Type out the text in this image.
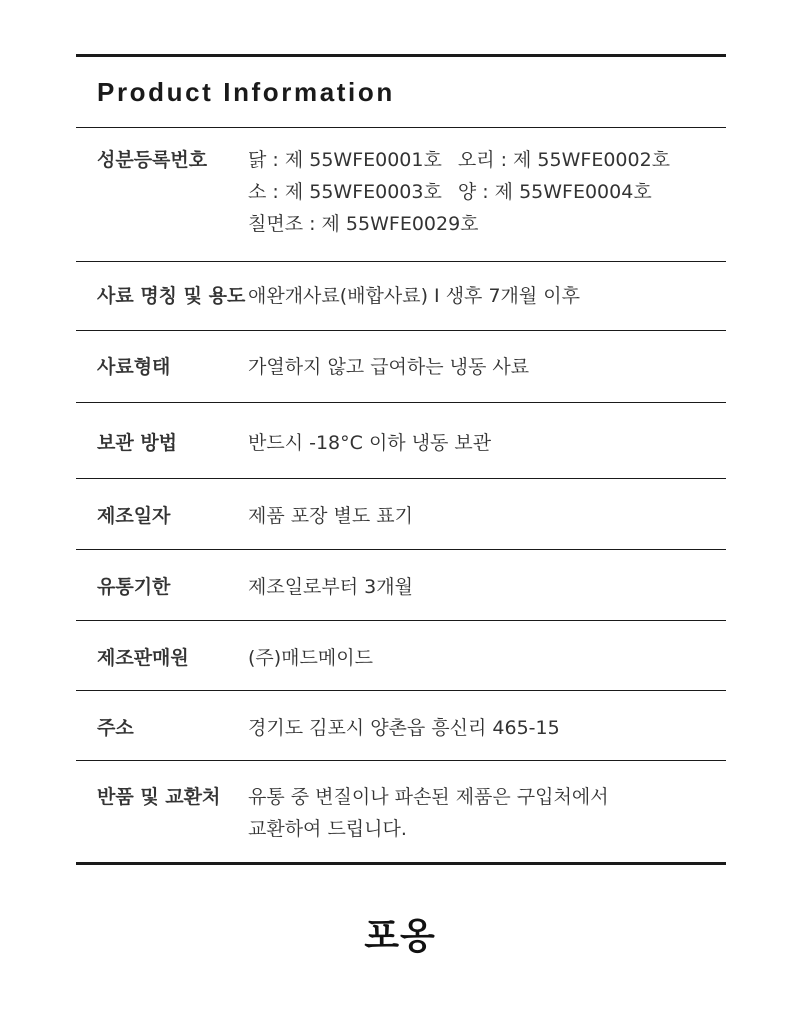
Product Information
성분등록번호	닭 : 제 55WFE0001호 오리 : 제 55WFE0002호
소 : 제 55WFE0003호 양 : 제 55WFE0004호
칠면조 : 제 55WFE0029호
사료 명칭 및 용도 애완개사료(배합사료) I 생후 7개월 이후
사료형태	가열하지 않고 급여하는 냉동 사료
보관 방법	반드시 -18°C 이하 냉동 보관
제조일자	제품 포장 별도 표기
유통기한	제조일로부터 3개월
제조판매원	(주)매드메이드
주소	경기도 김포시 양촌읍 흥신리 465-15
반품 및 교환처	유통 중 변질이나 파손된 제품은 구입처에서
교환하여 드립니다.
포옹
